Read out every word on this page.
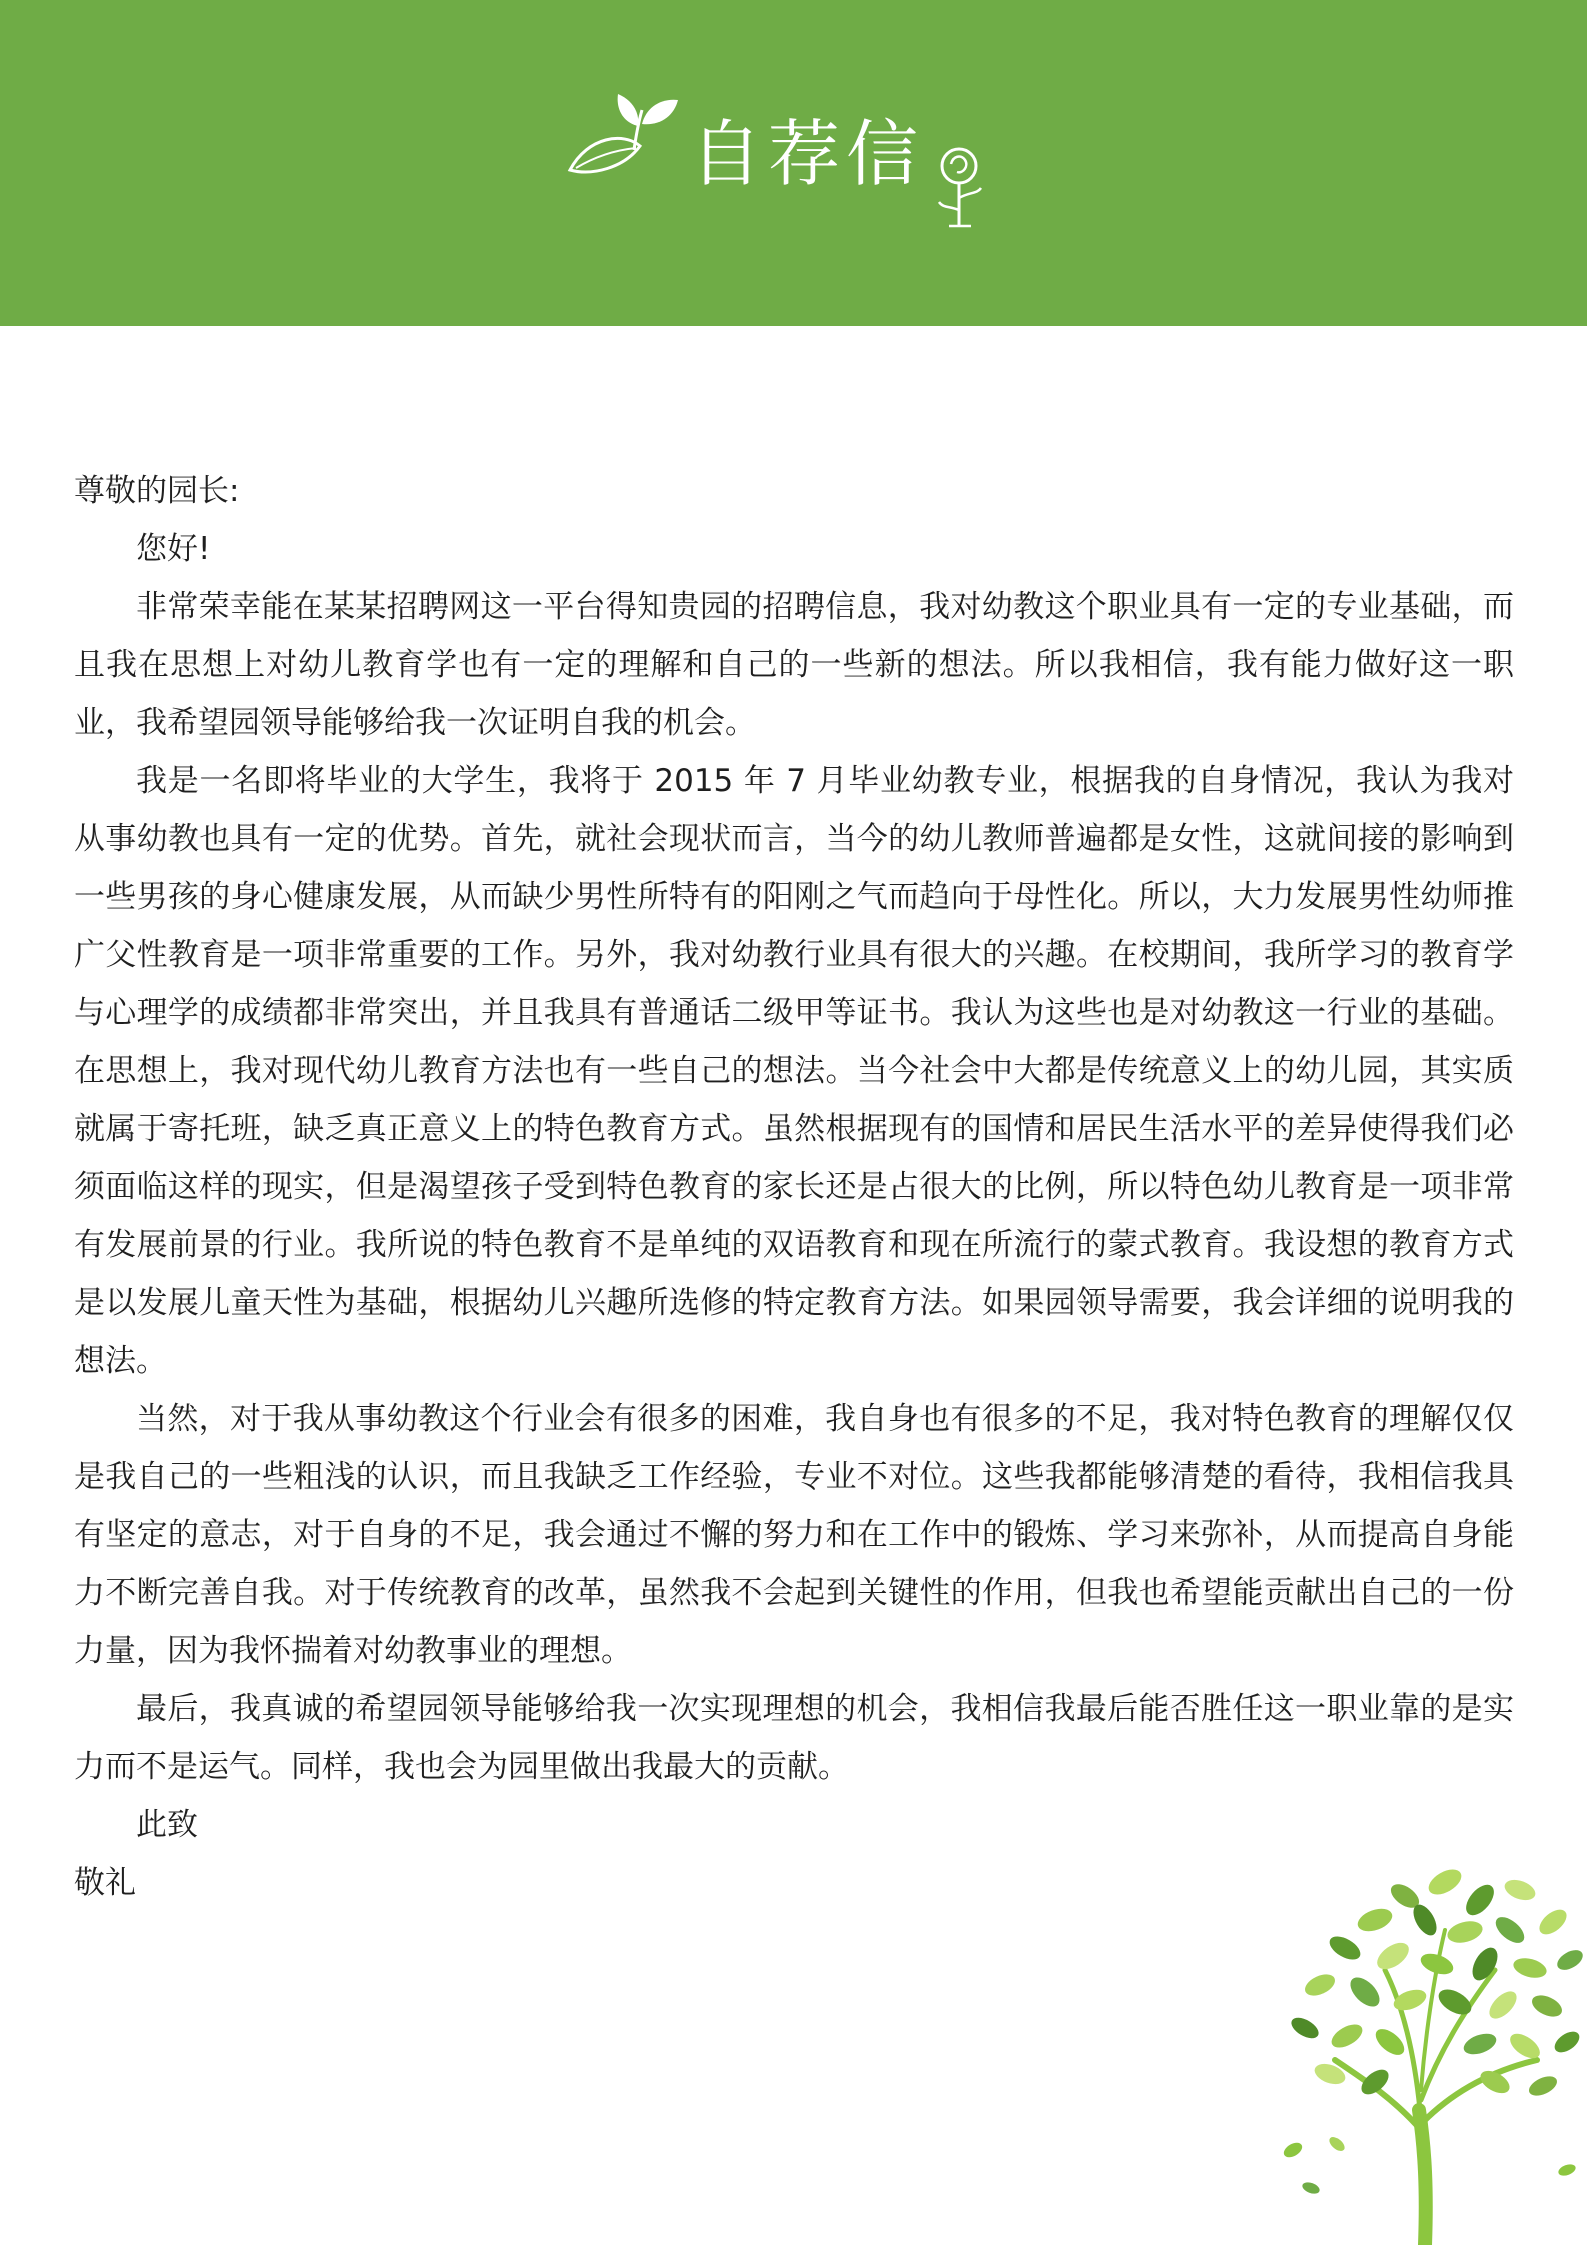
自荐信

尊敬的园长:

您好!

非常荣幸能在某某招聘网这一平台得知贵园的招聘信息，我对幼教这个职业具有一定的专业基础，而且我在思想上对幼儿教育学也有一定的理解和自己的一些新的想法。所以我相信，我有能力做好这一职业，我希望园领导能够给我一次证明自我的机会。

我是一名即将毕业的大学生，我将于 2015 年 7 月毕业幼教专业，根据我的自身情况，我认为我对从事幼教也具有一定的优势。首先，就社会现状而言，当今的幼儿教师普遍都是女性，这就间接的影响到一些男孩的身心健康发展，从而缺少男性所特有的阳刚之气而趋向于母性化。所以，大力发展男性幼师推广父性教育是一项非常重要的工作。另外，我对幼教行业具有很大的兴趣。在校期间，我所学习的教育学与心理学的成绩都非常突出，并且我具有普通话二级甲等证书。我认为这些也是对幼教这一行业的基础。在思想上，我对现代幼儿教育方法也有一些自己的想法。当今社会中大都是传统意义上的幼儿园，其实质就属于寄托班，缺乏真正意义上的特色教育方式。虽然根据现有的国情和居民生活水平的差异使得我们必须面临这样的现实，但是渴望孩子受到特色教育的家长还是占很大的比例，所以特色幼儿教育是一项非常有发展前景的行业。我所说的特色教育不是单纯的双语教育和现在所流行的蒙式教育。我设想的教育方式是以发展儿童天性为基础，根据幼儿兴趣所选修的特定教育方法。如果园领导需要，我会详细的说明我的想法。

当然，对于我从事幼教这个行业会有很多的困难，我自身也有很多的不足，我对特色教育的理解仅仅是我自己的一些粗浅的认识，而且我缺乏工作经验，专业不对位。这些我都能够清楚的看待，我相信我具有坚定的意志，对于自身的不足，我会通过不懈的努力和在工作中的锻炼、学习来弥补，从而提高自身能力不断完善自我。对于传统教育的改革，虽然我不会起到关键性的作用，但我也希望能贡献出自己的一份力量，因为我怀揣着对幼教事业的理想。

最后，我真诚的希望园领导能够给我一次实现理想的机会，我相信我最后能否胜任这一职业靠的是实力而不是运气。同样，我也会为园里做出我最大的贡献。

此致

敬礼
